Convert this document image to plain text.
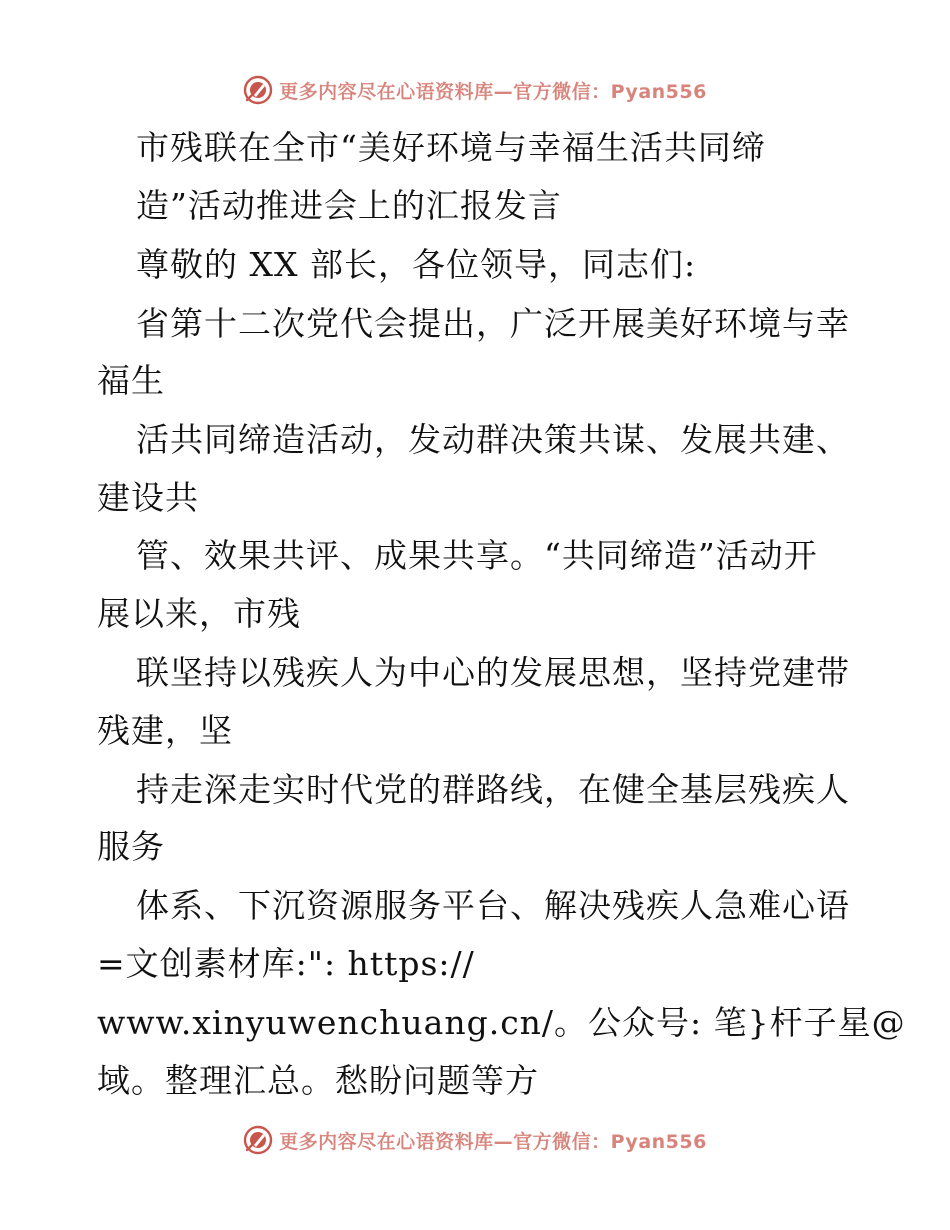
更多内容尽在心语资料库—官方微信：Pyan556
市残联在全市“美好环境与幸福生活共同缔
造”活动推进会上的汇报发言
尊敬的 XX 部长，各位领导，同志们:
省第十二次党代会提出，广泛开展美好环境与幸
福生
活共同缔造活动，发动群决策共谋、发展共建、
建设共
管、效果共评、成果共享。“共同缔造”活动开
展以来，市残
联坚持以残疾人为中心的发展思想，坚持党建带
残建，坚
持走深走实时代党的群路线，在健全基层残疾人
服务
体系、下沉资源服务平台、解决残疾人急难心语
=文创素材库:": https://
www.xinyuwenchuang.cn/。公众号: 笔}杆子星@
域。整理汇总。愁盼问题等方
更多内容尽在心语资料库—官方微信：Pyan556
